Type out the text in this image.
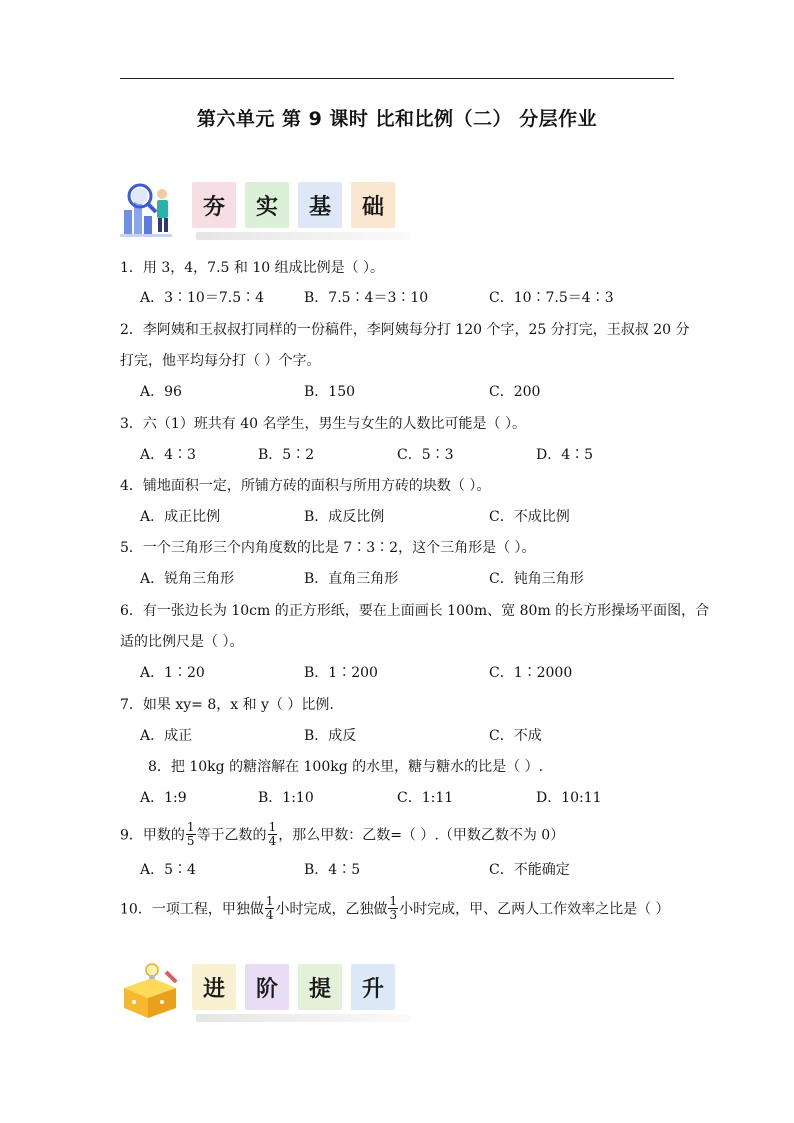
第六单元 第 9 课时 比和比例（二） 分层作业
夯 实 基 础
1．用 3，4，7.5 和 10 组成比例是（ ）。
A．3∶10＝7.5∶4	B．7.5∶4＝3∶10	C．10∶7.5＝4∶3
2．李阿姨和王叔叔打同样的一份稿件，李阿姨每分打 120 个字，25 分打完，王叔叔 20 分
打完，他平均每分打（ ）个字。
A．96	B．150	C．200
3．六（1）班共有 40 名学生，男生与女生的人数比可能是（ ）。
A．4∶3	B．5∶2	C．5∶3	D．4∶5
4．铺地面积一定，所铺方砖的面积与所用方砖的块数（ ）。
A．成正比例	B．成反比例	C．不成比例
5．一个三角形三个内角度数的比是 7∶3∶2，这个三角形是（ ）。
A．锐角三角形	B．直角三角形	C．钝角三角形
6．有一张边长为 10cm 的正方形纸，要在上面画长 100m、宽 80m 的长方形操场平面图，合
适的比例尺是（ ）。
A．1∶20	B．1∶200	C．1∶2000
7．如果 xy= 8，x 和 y（ ）比例.
A．成正	B．成反	C．不成
8．把 10kg 的糖溶解在 100kg 的水里，糖与糖水的比是（ ）.
A．1:9	B．1:10	C．1:11	D．10:11
9．甲数的 $\frac{1}{5}$ 等于乙数的 $\frac{1}{4}$ ，那么甲数：乙数=（ ）.（甲数乙数不为 0）
A．5∶4	B．4∶5	C．不能确定
10．一项工程，甲独做 $\frac{1}{4}$ 小时完成，乙独做 $\frac{1}{3}$ 小时完成，甲、乙两人工作效率之比是（ ）
进 阶 提 升
